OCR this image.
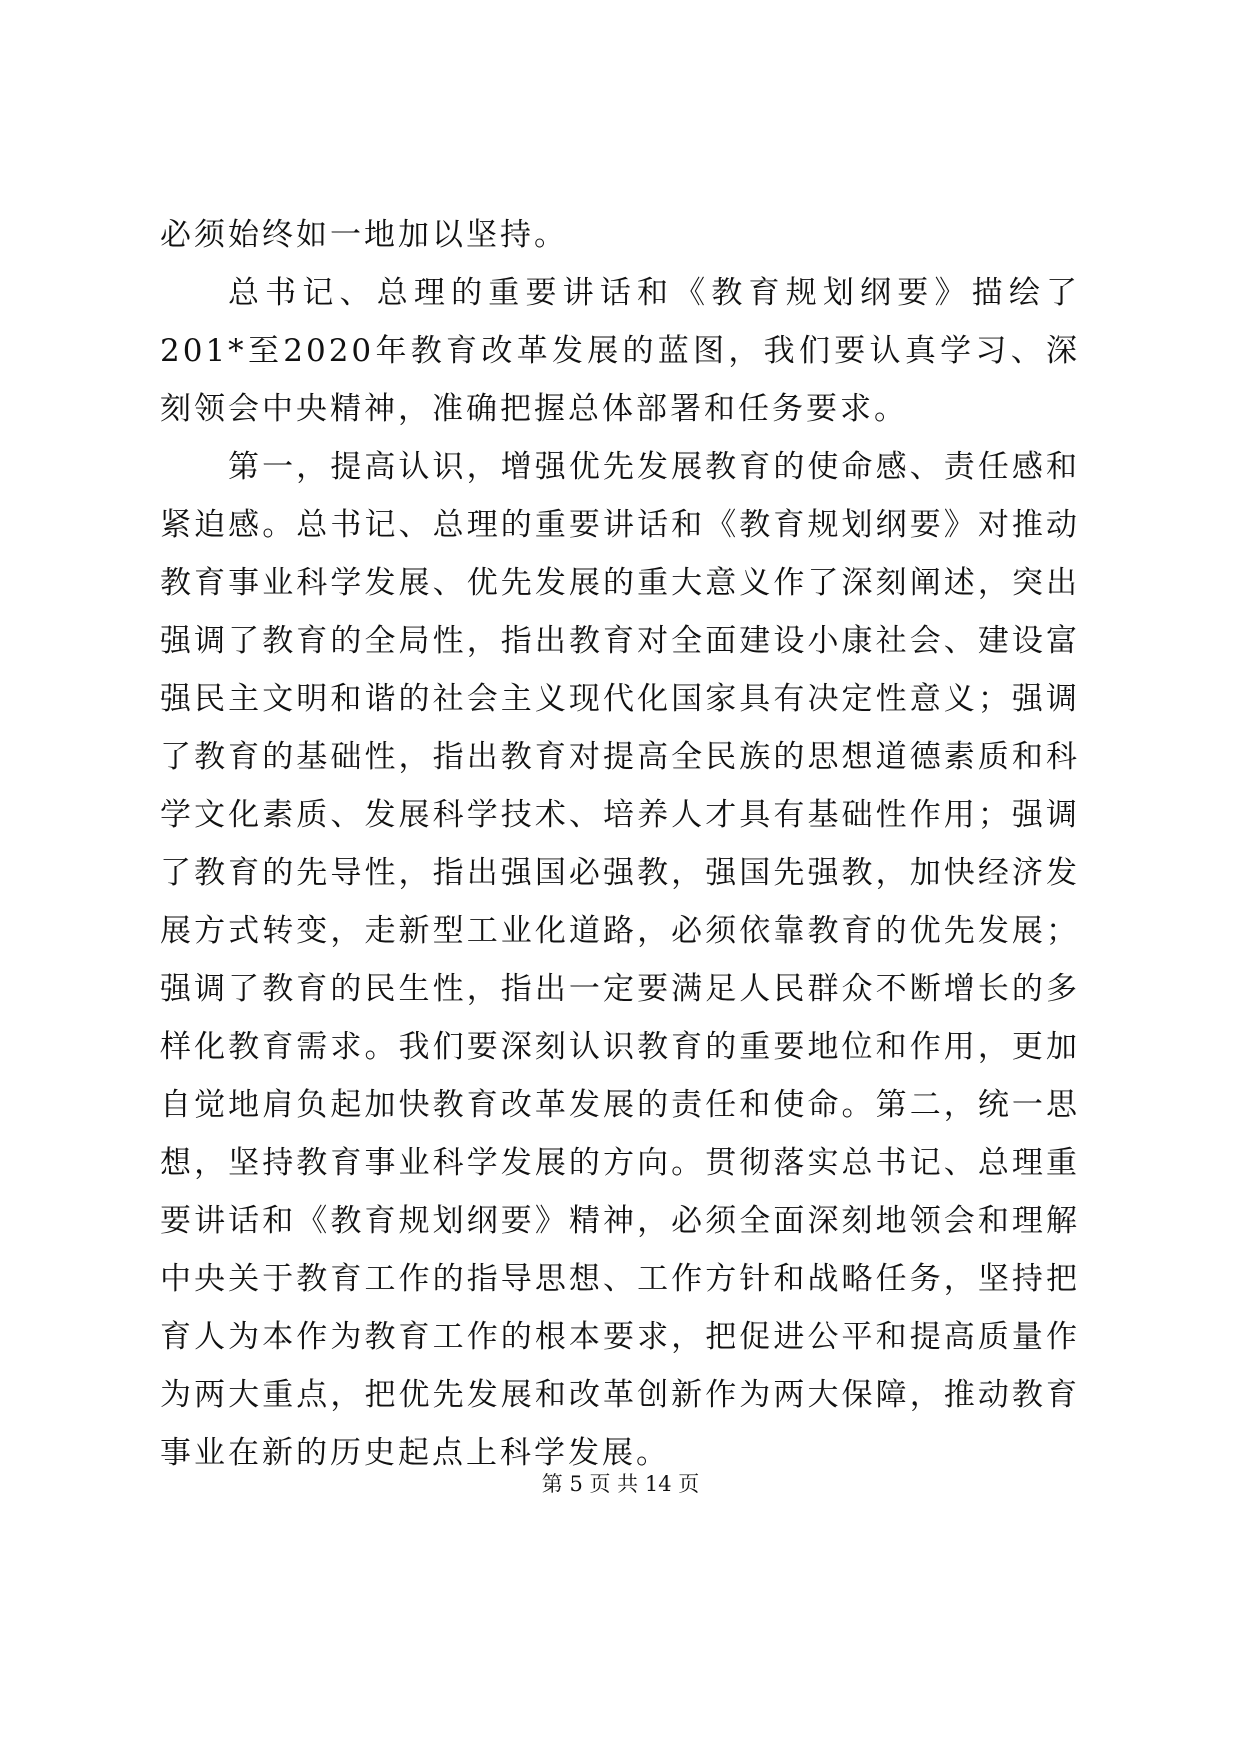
必须始终如一地加以坚持。

总书记、总理的重要讲话和《教育规划纲要》描绘了201*至2020年教育改革发展的蓝图，我们要认真学习、深刻领会中央精神，准确把握总体部署和任务要求。

第一，提高认识，增强优先发展教育的使命感、责任感和紧迫感。总书记、总理的重要讲话和《教育规划纲要》对推动教育事业科学发展、优先发展的重大意义作了深刻阐述，突出强调了教育的全局性，指出教育对全面建设小康社会、建设富强民主文明和谐的社会主义现代化国家具有决定性意义；强调了教育的基础性，指出教育对提高全民族的思想道德素质和科学文化素质、发展科学技术、培养人才具有基础性作用；强调了教育的先导性，指出强国必强教，强国先强教，加快经济发展方式转变，走新型工业化道路，必须依靠教育的优先发展；强调了教育的民生性，指出一定要满足人民群众不断增长的多样化教育需求。我们要深刻认识教育的重要地位和作用，更加自觉地肩负起加快教育改革发展的责任和使命。第二，统一思想，坚持教育事业科学发展的方向。贯彻落实总书记、总理重要讲话和《教育规划纲要》精神，必须全面深刻地领会和理解中央关于教育工作的指导思想、工作方针和战略任务，坚持把育人为本作为教育工作的根本要求，把促进公平和提高质量作为两大重点，把优先发展和改革创新作为两大保障，推动教育事业在新的历史起点上科学发展。

第 5 页 共 14 页
